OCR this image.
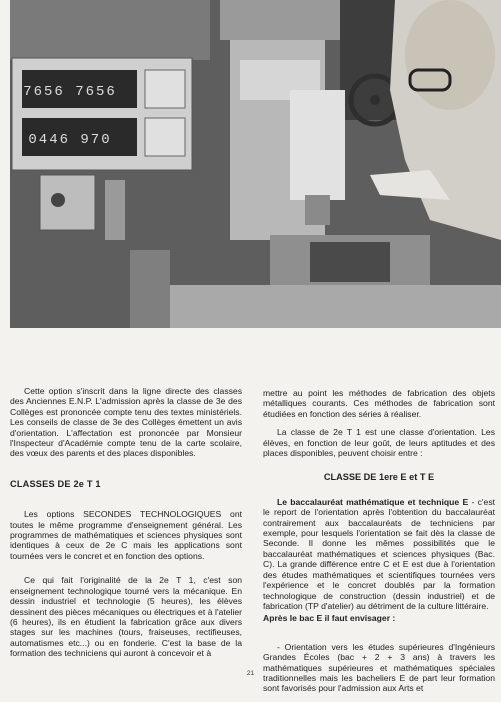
7656 7656
0446 970

Cette option s'inscrit dans la ligne directe des classes des Anciennes E.N.P. L'admission après la classe de 3e des Collèges est prononcée compte tenu des textes ministériels. Les conseils de classe de 3e des Collèges émettent un avis d'orientation. L'affectation est prononcée par Monsieur l'Inspecteur d'Académie compte tenu de la carte scolaire, des vœux des parents et des places disponibles.

CLASSES DE 2e T 1

Les options SECONDES TECHNOLOGIQUES ont toutes le même programme d'enseignement général. Les programmes de mathématiques et sciences physiques sont identiques à ceux de 2e C mais les applications sont tournées vers le concret et en fonction des options.

Ce qui fait l'originalité de la 2e T 1, c'est son enseignement technologique tourné vers la mécanique. En dessin industriel et technologie (5 heures), les élèves dessinent des pièces mécaniques ou électriques et à l'atelier (6 heures), ils en étudient la fabrication grâce aux divers stages sur les machines (tours, fraiseuses, rectifieuses, automatismes etc...) ou en fonderie. C'est la base de la formation des techniciens qui auront à concevoir et à

mettre au point les méthodes de fabrication des objets métalliques courants. Ces méthodes de fabrication sont étudiées en fonction des séries à réaliser.

La classe de 2e T 1 est une classe d'orientation. Les élèves, en fonction de leur goût, de leurs aptitudes et des places disponibles, peuvent choisir entre :

CLASSE DE 1ere E et T E

Le baccalauréat mathématique et technique E - c'est le report de l'orientation après l'obtention du baccalauréat contrairement aux baccalauréats de techniciens par exemple, pour lesquels l'orientation se fait dès la classe de Seconde. Il donne les mêmes possibilités que le baccalauréat mathématiques et sciences physiques (Bac. C). La grande différence entre C et E est due à l'orientation des études mathématiques et scientifiques tournées vers l'expérience et le concret doublés par la formation technologique de construction (dessin industriel) et de fabrication (TP d'atelier) au détriment de la culture littéraire.

Après le bac E il faut envisager :

- Orientation vers les études supérieures d'Ingénieurs Grandes Écoles (bac + 2 + 3 ans) à travers les mathématiques supérieures et mathématiques spéciales traditionnelles mais les bacheliers E de part leur formation sont favorisés pour l'admission aux Arts et

21
